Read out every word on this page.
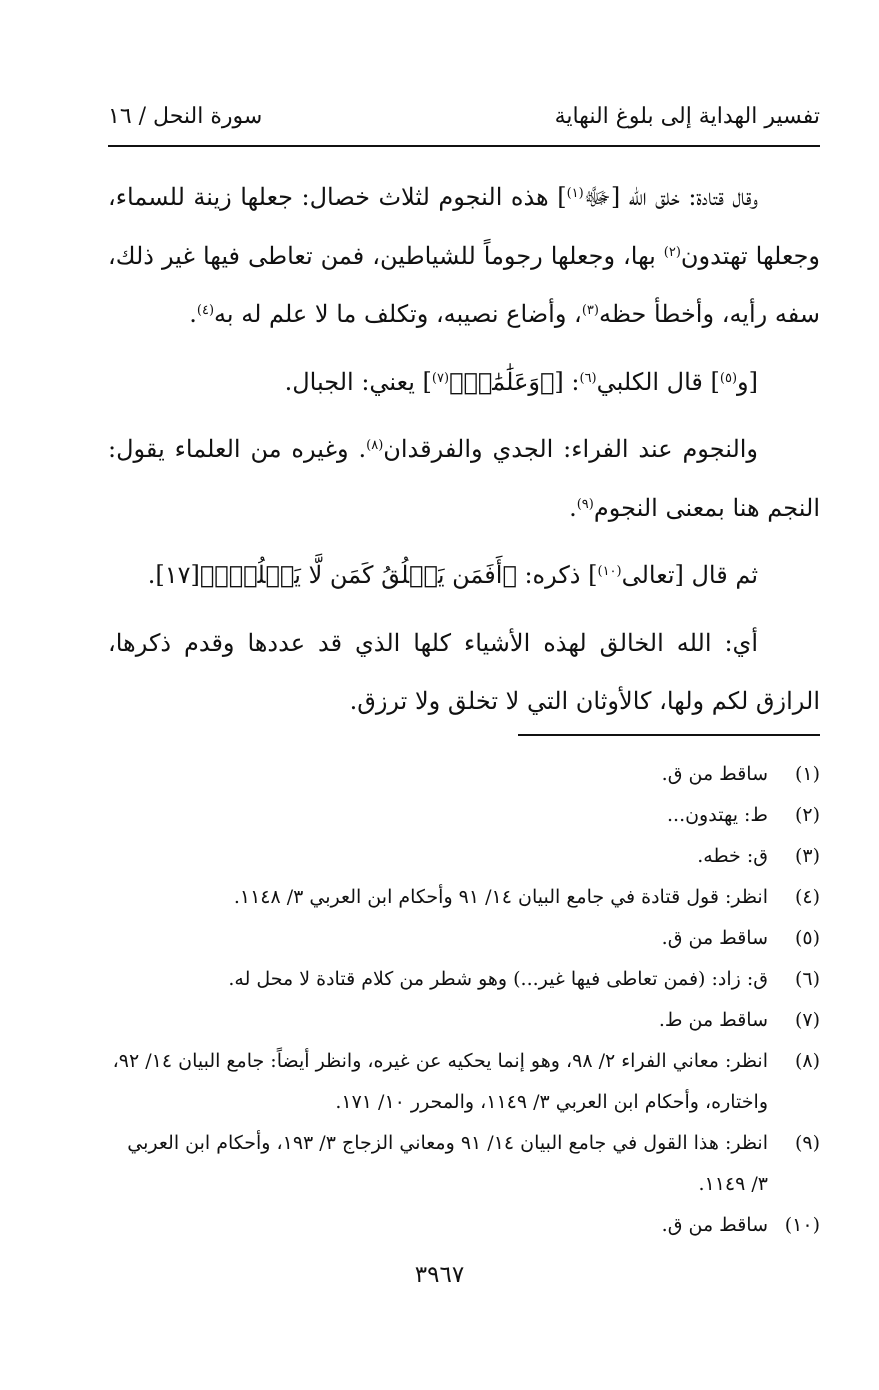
تفسير الهداية إلى بلوغ النهاية
سورة النحل / ١٦

وقال قتادة: خلق الله [ﷻ$^{(١)}$] هذه النجوم لثلاث خصال: جعلها زينة للسماء، وجعلها تهتدون$^{(٢)}$ بها، وجعلها رجوماً للشياطين، فمن تعاطى فيها غير ذلك، سفه رأيه، وأخطأ حظه$^{(٣)}$، وأضاع نصيبه، وتكلف ما لا علم له به$^{(٤)}$.

[و$^{(٥)}$] قال الكلبي$^{(٦)}$: [﴿وَعَلَٰمَٰتٖ﴾$^{(٧)}$] يعني: الجبال.

والنجوم عند الفراء: الجدي والفرقدان$^{(٨)}$. وغيره من العلماء يقول: النجم هنا بمعنى النجوم$^{(٩)}$.

ثم قال [تعالى$^{(١٠)}$] ذكره: ﴿أَفَمَن يَخۡلُقُ كَمَن لَّا يَخۡلُقُۚ﴾[١٧].

أي: الله الخالق لهذه الأشياء كلها الذي قد عددها وقدم ذكرها، الرازق لكم ولها، كالأوثان التي لا تخلق ولا ترزق.

(١)
ساقط من ق.
(٢)
ط: يهتدون...
(٣)
ق: خطه.
(٤)
انظر: قول قتادة في جامع البيان ١٤/ ٩١ وأحكام ابن العربي ٣/ ١١٤٨.
(٥)
ساقط من ق.
(٦)
ق: زاد: (فمن تعاطى فيها غير...) وهو شطر من كلام قتادة لا محل له.
(٧)
ساقط من ط.
(٨)
انظر: معاني الفراء ٢/ ٩٨، وهو إنما يحكيه عن غيره، وانظر أيضاً: جامع البيان ١٤/ ٩٢، واختاره، وأحكام ابن العربي ٣/ ١١٤٩، والمحرر ١٠/ ١٧١.
(٩)
انظر: هذا القول في جامع البيان ١٤/ ٩١ ومعاني الزجاج ٣/ ١٩٣، وأحكام ابن العربي ٣/ ١١٤٩.
(١٠)
ساقط من ق.
٣٩٦٧
